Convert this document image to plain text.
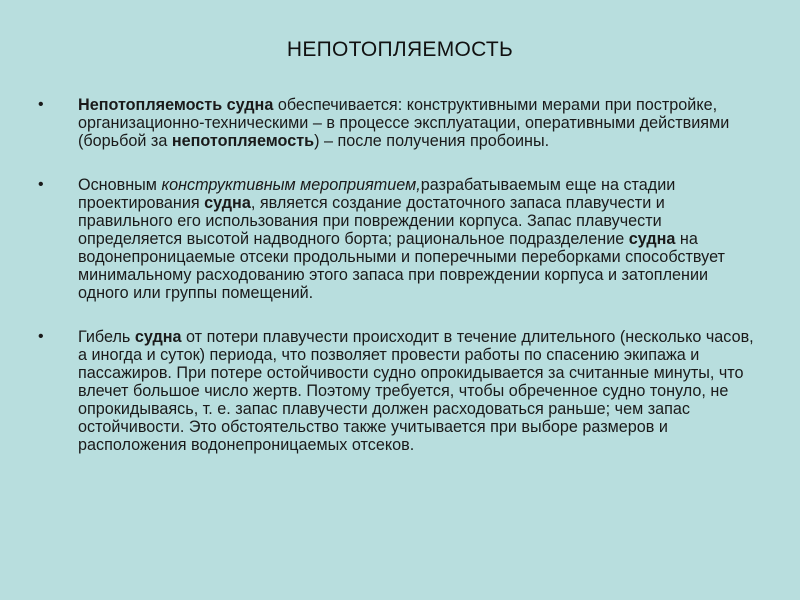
НЕПОТОПЛЯЕМОСТЬ
• Непотопляемость судна обеспечивается: конструктивными мерами при постройке, организационно-техническими – в процессе эксплуатации, оперативными действиями (борьбой за непотопляемость) – после получения пробоины.
• Основным конструктивным мероприятием,разрабатываемым еще на стадии проектирования судна, является создание достаточного запаса плавучести и правильного его использования при повреждении корпуса. Запас плавучести определяется высотой надводного борта; рациональное подразделение судна на водонепроницаемые отсеки продольными и поперечными переборками способствует минимальному расходованию этого запаса при повреждении корпуса и затоплении одного или группы помещений.
• Гибель судна от потери плавучести происходит в течение длительного (несколько часов, а иногда и суток) периода, что позволяет провести работы по спасению экипажа и пассажиров. При потере остойчивости судно опрокидывается за считанные минуты, что влечет большое число жертв. Поэтому требуется, чтобы обреченное судно тонуло, не опрокидываясь, т. е. запас плавучести должен расходоваться раньше; чем запас остойчивости. Это обстоятельство также учитывается при выборе размеров и расположения водонепроницаемых отсеков.
